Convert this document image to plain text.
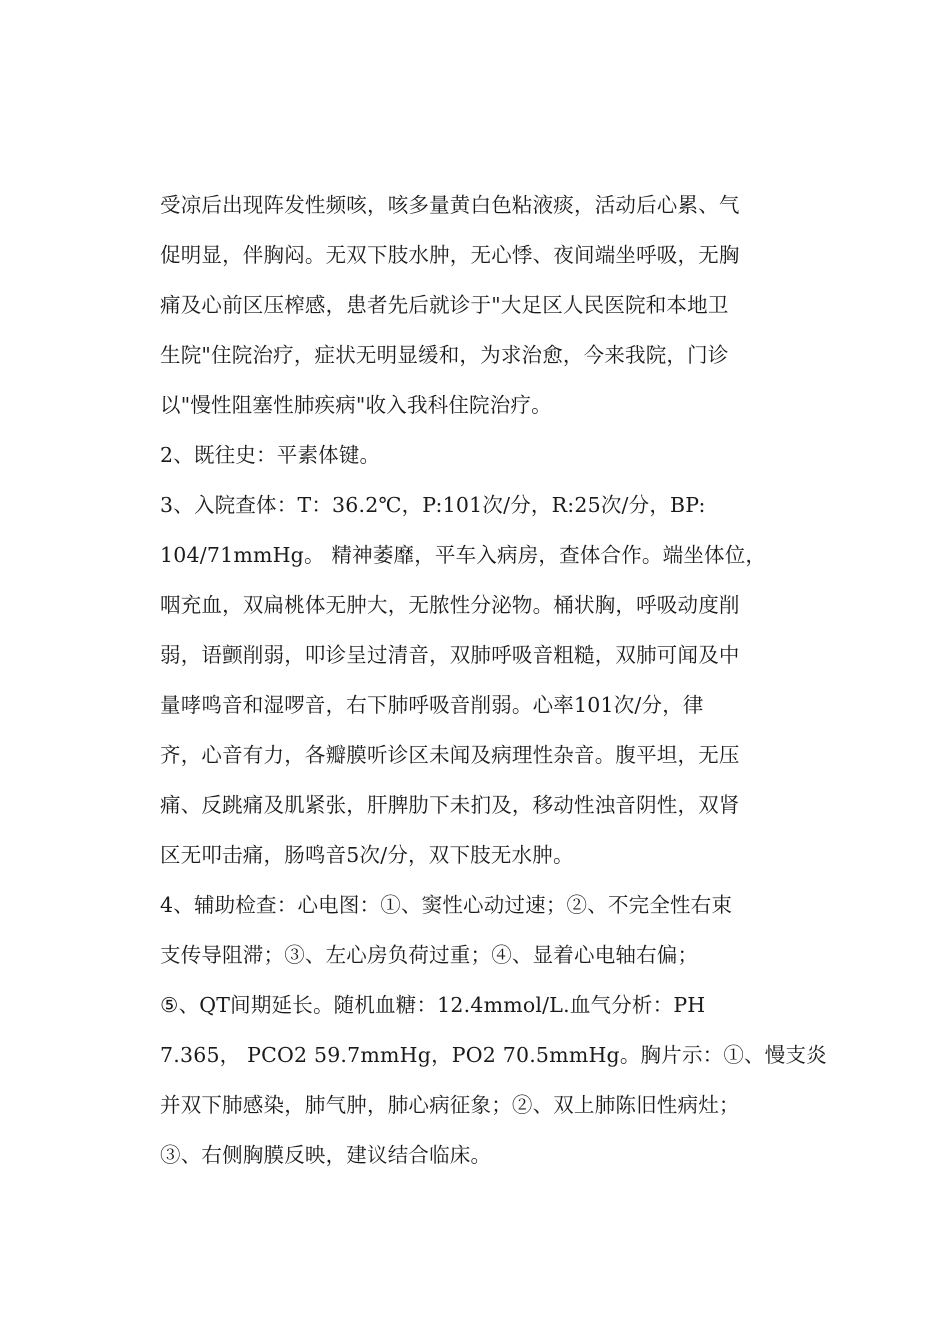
受凉后出现阵发性频咳，咳多量黄白色粘液痰，活动后心累、气
促明显，伴胸闷。无双下肢水肿，无心悸、夜间端坐呼吸，无胸
痛及心前区压榨感，患者先后就诊于"大足区人民医院和本地卫
生院"住院治疗，症状无明显缓和，为求治愈，今来我院，门诊
以"慢性阻塞性肺疾病"收入我科住院治疗。
2、既往史：平素体键。
3、入院查体：T：36.2℃，P:101次/分，R:25次/分，BP:
104/71mmHg。 精神萎靡，平车入病房，查体合作。端坐体位，
咽充血，双扁桃体无肿大，无脓性分泌物。桶状胸，呼吸动度削
弱，语颤削弱，叩诊呈过清音，双肺呼吸音粗糙，双肺可闻及中
量哮鸣音和湿啰音，右下肺呼吸音削弱。心率101次/分，律
齐，心音有力，各瓣膜听诊区未闻及病理性杂音。腹平坦，无压
痛、反跳痛及肌紧张，肝脾肋下未扪及，移动性浊音阴性，双肾
区无叩击痛，肠鸣音5次/分，双下肢无水肿。
4、辅助检查：心电图：①、窦性心动过速；②、不完全性右束
支传导阻滞；③、左心房负荷过重；④、显着心电轴右偏；
⑤、QT间期延长。随机血糖：12.4mmol/L.血气分析：PH
7.365， PCO2 59.7mmHg，PO2 70.5mmHg。胸片示：①、慢支炎
并双下肺感染，肺气肿，肺心病征象；②、双上肺陈旧性病灶；
③、右侧胸膜反映，建议结合临床。
